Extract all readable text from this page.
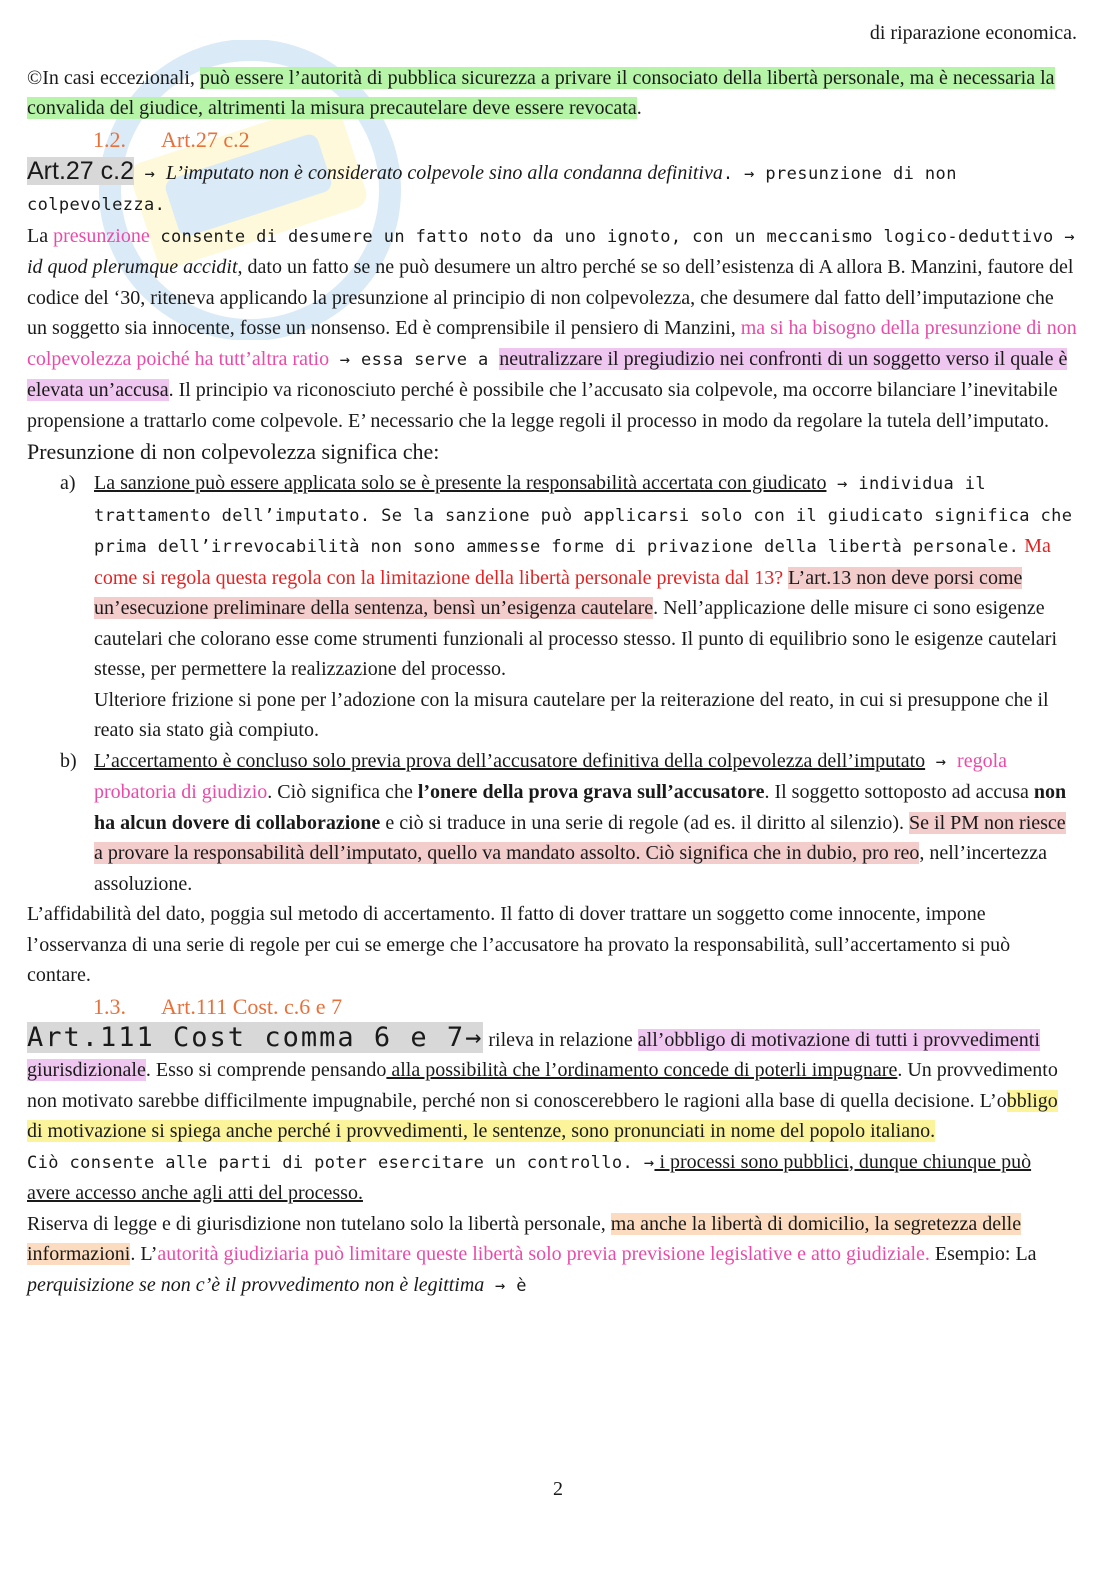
di riparazione economica.

©In casi eccezionali, può essere l’autorità di pubblica sicurezza a privare il consociato della libertà personale, ma è necessaria la convalida del giudice, altrimenti la misura precautelare deve essere revocata.

1.2. Art.27 c.2

Art.27 c.2 → L’imputato non è considerato colpevole sino alla condanna definitiva. → presunzione di non colpevolezza.

La presunzione consente di desumere un fatto noto da uno ignoto, con un meccanismo logico-deduttivo → id quod plerumque accidit, dato un fatto se ne può desumere un altro perché se so dell’esistenza di A allora B. Manzini, fautore del codice del ‘30, riteneva applicando la presunzione al principio di non colpevolezza, che desumere dal fatto dell’imputazione che un soggetto sia innocente, fosse un nonsenso. Ed è comprensibile il pensiero di Manzini, ma si ha bisogno della presunzione di non colpevolezza poiché ha tutt’altra ratio → essa serve a neutralizzare il pregiudizio nei confronti di un soggetto verso il quale è elevata un’accusa. Il principio va riconosciuto perché è possibile che l’accusato sia colpevole, ma occorre bilanciare l’inevitabile propensione a trattarlo come colpevole. E’ necessario che la legge regoli il processo in modo da regolare la tutela dell’imputato.

Presunzione di non colpevolezza significa che:

a) La sanzione può essere applicata solo se è presente la responsabilità accertata con giudicato → individua il trattamento dell’imputato. Se la sanzione può applicarsi solo con il giudicato significa che prima dell’irrevocabilità non sono ammesse forme di privazione della libertà personale. Ma come si regola questa regola con la limitazione della libertà personale prevista dal 13? L’art.13 non deve porsi come un’esecuzione preliminare della sentenza, bensì un’esigenza cautelare. Nell’applicazione delle misure ci sono esigenze cautelari che colorano esse come strumenti funzionali al processo stesso. Il punto di equilibrio sono le esigenze cautelari stesse, per permettere la realizzazione del processo.

Ulteriore frizione si pone per l’adozione con la misura cautelare per la reiterazione del reato, in cui si presuppone che il reato sia stato già compiuto.

b) L’accertamento è concluso solo previa prova dell’accusatore definitiva della colpevolezza dell’imputato → regola probatoria di giudizio. Ciò significa che l’onere della prova grava sull’accusatore. Il soggetto sottoposto ad accusa non ha alcun dovere di collaborazione e ciò si traduce in una serie di regole (ad es. il diritto al silenzio). Se il PM non riesce a provare la responsabilità dell’imputato, quello va mandato assolto. Ciò significa che in dubio, pro reo, nell’incertezza assoluzione.

L’affidabilità del dato, poggia sul metodo di accertamento. Il fatto di dover trattare un soggetto come innocente, impone l’osservanza di una serie di regole per cui se emerge che l’accusatore ha provato la responsabilità, sull’accertamento si può contare.

1.3. Art.111 Cost. c.6 e 7

Art.111 Cost comma 6 e 7→ rileva in relazione all’obbligo di motivazione di tutti i provvedimenti giurisdizionale. Esso si comprende pensando alla possibilità che l’ordinamento concede di poterli impugnare. Un provvedimento non motivato sarebbe difficilmente impugnabile, perché non si conoscerebbero le ragioni alla base di quella decisione. L’obbligo di motivazione si spiega anche perché i provvedimenti, le sentenze, sono pronunciati in nome del popolo italiano.

Ciò consente alle parti di poter esercitare un controllo. → i processi sono pubblici, dunque chiunque può avere accesso anche agli atti del processo.

Riserva di legge e di giurisdizione non tutelano solo la libertà personale, ma anche la libertà di domicilio, la segretezza delle informazioni. L’autorità giudiziaria può limitare queste libertà solo previa previsione legislative e atto giudiziale. Esempio: La perquisizione se non c’è il provvedimento non è legittima → è

2
